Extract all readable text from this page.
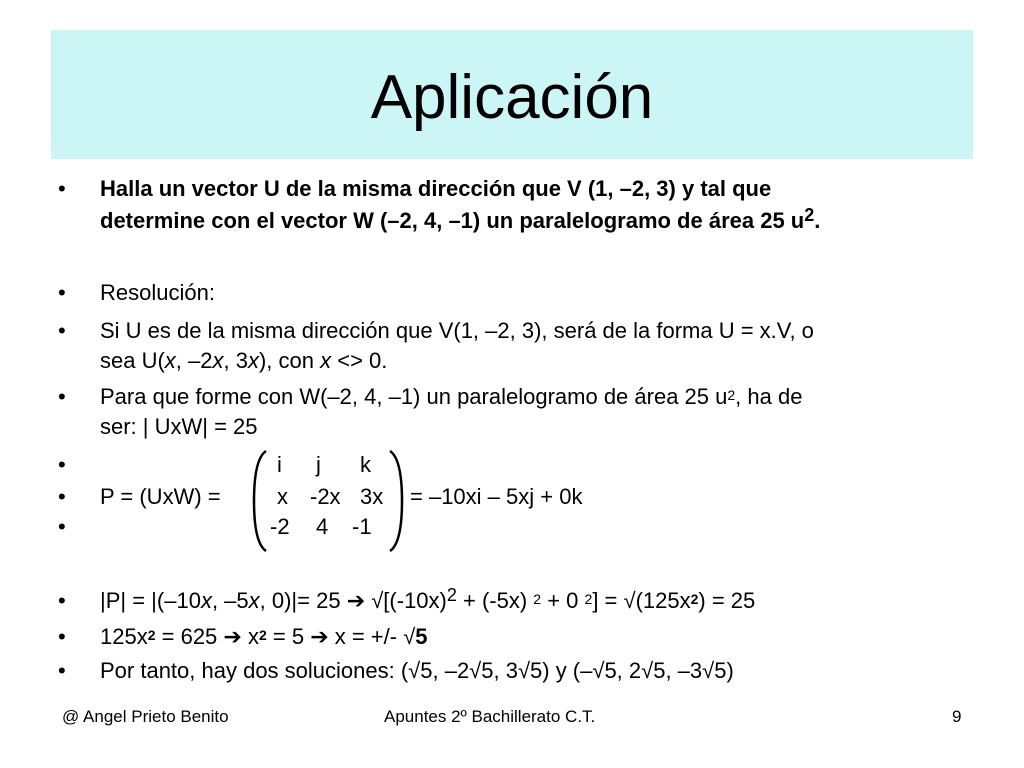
Aplicación
• Halla un vector U de la misma dirección que V (1, –2, 3) y tal que
determine con el vector W (–2, 4, –1) un paralelogramo de área 25 $u^2$.
• Resolución:
• Si U es de la misma dirección que V(1, –2, 3), será de la forma U = x.V, o
sea U(x, –2x, 3x), con x <> 0.
• Para que forme con W(–2, 4, –1) un paralelogramo de área 25 $u^2$, ha de
ser: | UxW| = 25
•
•
•
P = (UxW) =
i j k
x -2x 3x
-2 4 -1
= –10xi – 5xj + 0k
• |P| = |(–10x, –5x, 0)|= 25 ➔ $√[(-10x)^2 + (-5x) ^2 + 0$ $^2] = √(125x^2) = 25$
• $125x^2 = 625$ ➔ $x^2 = 5$ ➔ x = +/- √5
• Por tanto, hay dos soluciones: (√5, –2√5, 3√5) y (–√5, 2√5, –3√5)
@ Angel Prieto Benito	Apuntes 2º Bachillerato C.T.	9
